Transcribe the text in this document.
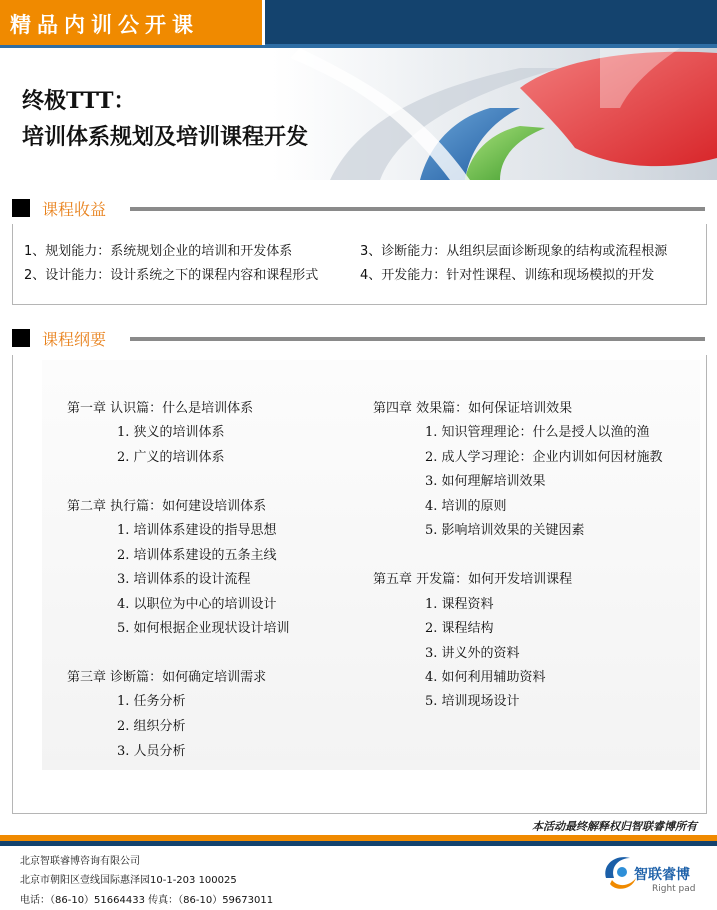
精品内训公开课
终极TTT：
培训体系规划及培训课程开发
课程收益
1、规划能力：系统规划企业的培训和开发体系
2、设计能力：设计系统之下的课程内容和课程形式
3、诊断能力：从组织层面诊断现象的结构或流程根源
4、开发能力：针对性课程、训练和现场模拟的开发
课程纲要
第一章 认识篇：什么是培训体系
1. 狭义的培训体系
2. 广义的培训体系
第二章 执行篇：如何建设培训体系
1. 培训体系建设的指导思想
2. 培训体系建设的五条主线
3. 培训体系的设计流程
4. 以职位为中心的培训设计
5. 如何根据企业现状设计培训
第三章 诊断篇：如何确定培训需求
1. 任务分析
2. 组织分析
3. 人员分析
第四章 效果篇：如何保证培训效果
1. 知识管理理论：什么是授人以渔的渔
2. 成人学习理论：企业内训如何因材施教
3. 如何理解培训效果
4. 培训的原则
5. 影响培训效果的关键因素
第五章 开发篇：如何开发培训课程
1. 课程资料
2. 课程结构
3. 讲义外的资料
4. 如何利用辅助资料
5. 培训现场设计
本活动最终解释权归智联睿博所有
北京智联睿博咨询有限公司
北京市朝阳区壹线国际惠泽园10-1-203 100025
电话：（86-10）51664433 传真：（86-10）59673011
智联睿博
Right pad
